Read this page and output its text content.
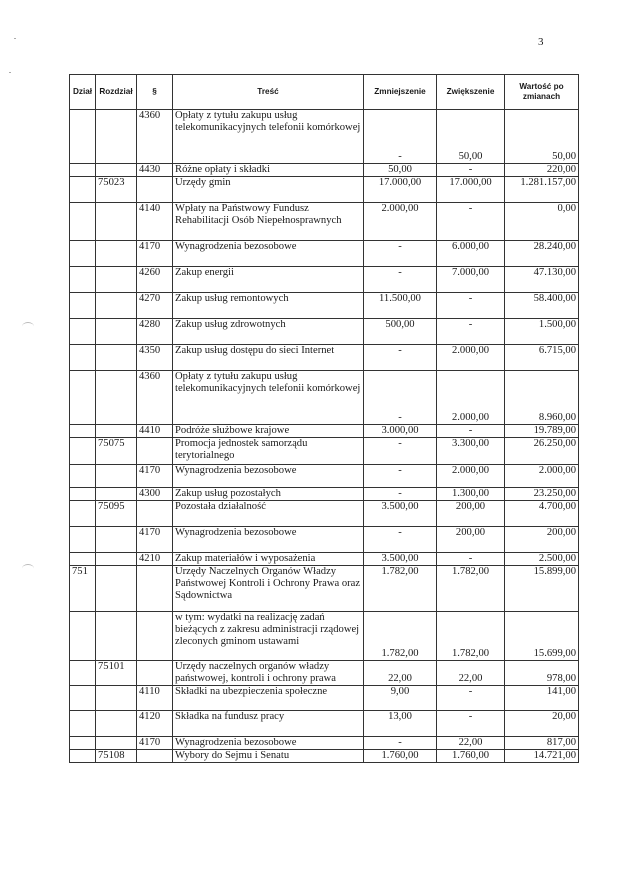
3
Dział	Rozdział	§	Treść	Zmniejszenie	Zwiększenie	Wartość po zmianach
		4360	Opłaty z tytułu zakupu usług telekomunikacyjnych telefonii komórkowej	-	50,00	50,00
		4430	Różne opłaty i składki	50,00	-	220,00
	75023		Urzędy gmin	17.000,00	17.000,00	1.281.157,00
		4140	Wpłaty na Państwowy Fundusz Rehabilitacji Osób Niepełnosprawnych	2.000,00	-	0,00
		4170	Wynagrodzenia bezosobowe	-	6.000,00	28.240,00
		4260	Zakup energii	-	7.000,00	47.130,00
		4270	Zakup usług remontowych	11.500,00	-	58.400,00
		4280	Zakup usług zdrowotnych	500,00	-	1.500,00
		4350	Zakup usług dostępu do sieci Internet	-	2.000,00	6.715,00
		4360	Opłaty z tytułu zakupu usług telekomunikacyjnych telefonii komórkowej	-	2.000,00	8.960,00
		4410	Podróże służbowe krajowe	3.000,00	-	19.789,00
	75075		Promocja jednostek samorządu terytorialnego	-	3.300,00	26.250,00
		4170	Wynagrodzenia bezosobowe	-	2.000,00	2.000,00
		4300	Zakup usług pozostałych	-	1.300,00	23.250,00
	75095		Pozostała działalność	3.500,00	200,00	4.700,00
		4170	Wynagrodzenia bezosobowe	-	200,00	200,00
		4210	Zakup materiałów i wyposażenia	3.500,00	-	2.500,00
751			Urzędy Naczelnych Organów Władzy Państwowej Kontroli i Ochrony Prawa oraz Sądownictwa	1.782,00	1.782,00	15.899,00
			w tym: wydatki na realizację zadań bieżących z zakresu administracji rządowej zleconych gminom ustawami	1.782,00	1.782,00	15.699,00
	75101		Urzędy naczelnych organów władzy państwowej, kontroli i ochrony prawa	22,00	22,00	978,00
		4110	Składki na ubezpieczenia społeczne	9,00	-	141,00
		4120	Składka na fundusz pracy	13,00	-	20,00
		4170	Wynagrodzenia bezosobowe	-	22,00	817,00
	75108		Wybory do Sejmu i Senatu	1.760,00	1.760,00	14.721,00
